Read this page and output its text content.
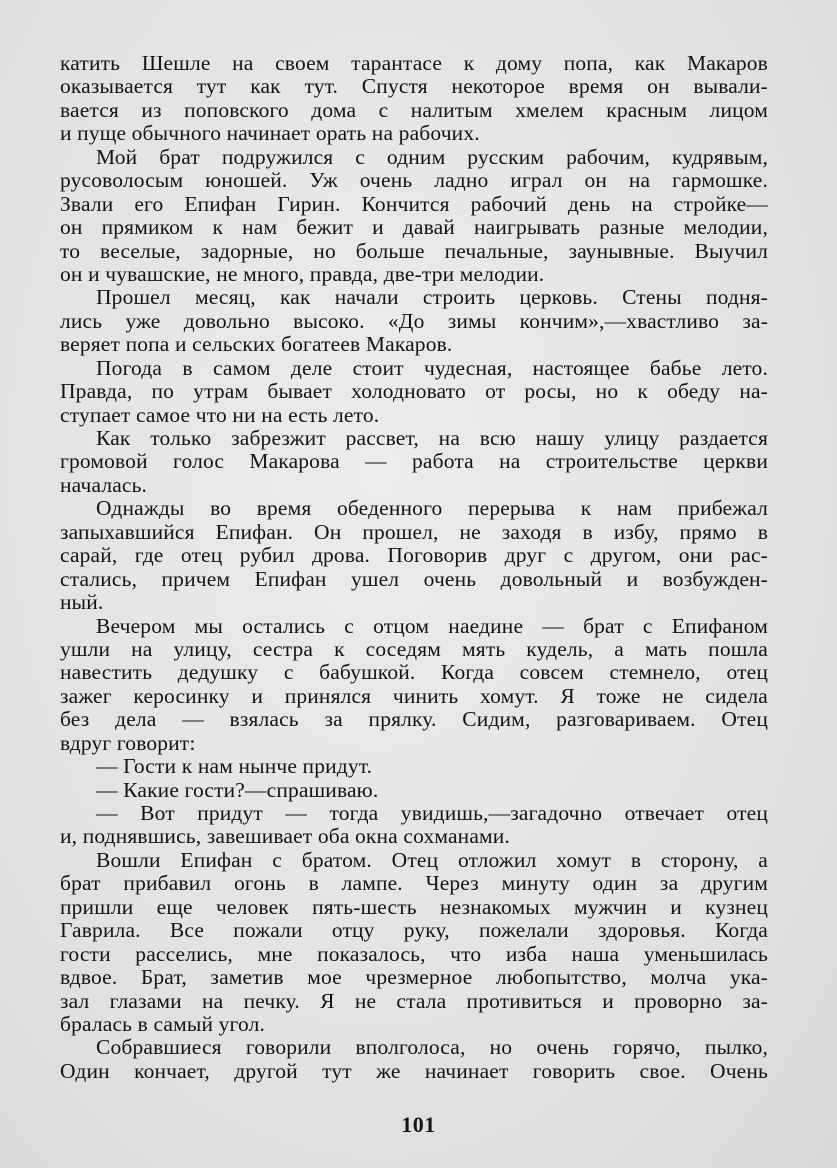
катить Шешле на своем тарантасе к дому попа, как Макаров
оказывается тут как тут. Спустя некоторое время он вывали-
вается из поповского дома с налитым хмелем красным лицом
и пуще обычного начинает орать на рабочих.
Мой брат подружился с одним русским рабочим, кудрявым,
русоволосым юношей. Уж очень ладно играл он на гармошке.
Звали его Епифан Гирин. Кончится рабочий день на стройке—
он прямиком к нам бежит и давай наигрывать разные мелодии,
то веселые, задорные, но больше печальные, заунывные. Выучил
он и чувашские, не много, правда, две-три мелодии.
Прошел месяц, как начали строить церковь. Стены подня-
лись уже довольно высоко. «До зимы кончим»,—хвастливо за-
веряет попа и сельских богатеев Макаров.
Погода в самом деле стоит чудесная, настоящее бабье лето.
Правда, по утрам бывает холодновато от росы, но к обеду на-
ступает самое что ни на есть лето.
Как только забрезжит рассвет, на всю нашу улицу раздается
громовой голос Макарова — работа на строительстве церкви
началась.
Однажды во время обеденного перерыва к нам прибежал
запыхавшийся Епифан. Он прошел, не заходя в избу, прямо в
сарай, где отец рубил дрова. Поговорив друг с другом, они рас-
стались, причем Епифан ушел очень довольный и возбужден-
ный.
Вечером мы остались с отцом наедине — брат с Епифаном
ушли на улицу, сестра к соседям мять кудель, а мать пошла
навестить дедушку с бабушкой. Когда совсем стемнело, отец
зажег керосинку и принялся чинить хомут. Я тоже не сидела
без дела — взялась за прялку. Сидим, разговариваем. Отец
вдруг говорит:
— Гости к нам нынче придут.
— Какие гости?—спрашиваю.
— Вот придут — тогда увидишь,—загадочно отвечает отец
и, поднявшись, завешивает оба окна сохманами.
Вошли Епифан с братом. Отец отложил хомут в сторону, а
брат прибавил огонь в лампе. Через минуту один за другим
пришли еще человек пять-шесть незнакомых мужчин и кузнец
Гаврила. Все пожали отцу руку, пожелали здоровья. Когда
гости расселись, мне показалось, что изба наша уменьшилась
вдвое. Брат, заметив мое чрезмерное любопытство, молча ука-
зал глазами на печку. Я не стала противиться и проворно за-
бралась в самый угол.
Собравшиеся говорили вполголоса, но очень горячо, пылко,
Один кончает, другой тут же начинает говорить свое. Очень
101
